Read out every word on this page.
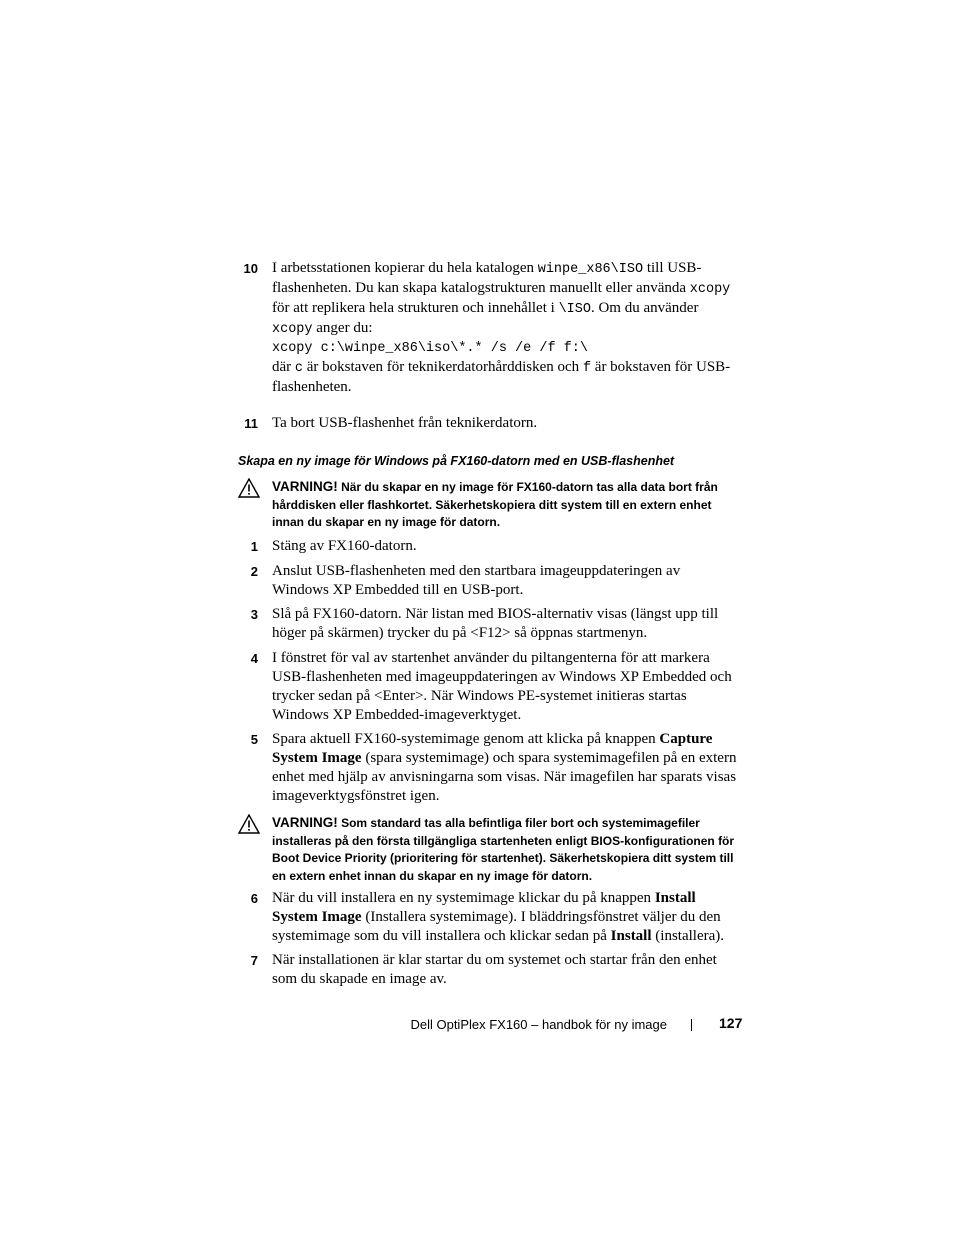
10 I arbetsstationen kopierar du hela katalogen winpe_x86\ISO till USB-flashenheten. Du kan skapa katalogstrukturen manuellt eller använda xcopy för att replikera hela strukturen och innehållet i \ISO. Om du använder xcopy anger du:

xcopy c:\winpe_x86\iso\*.* /s /e /f f:\

där c är bokstaven för teknikerdatorhårddisken och f är bokstaven för USB-flashenheten.

11 Ta bort USB-flashenhet från teknikerdatorn.
Skapa en ny image för Windows på FX160-datorn med en USB-flashenhet
VARNING! När du skapar en ny image för FX160-datorn tas alla data bort från hårddisken eller flashkortet. Säkerhetskopiera ditt system till en extern enhet innan du skapar en ny image för datorn.
1 Stäng av FX160-datorn.
2 Anslut USB-flashenheten med den startbara imageuppdateringen av Windows XP Embedded till en USB-port.
3 Slå på FX160-datorn. När listan med BIOS-alternativ visas (längst upp till höger på skärmen) trycker du på <F12> så öppnas startmenyn.
4 I fönstret för val av startenhet använder du piltangenterna för att markera USB-flashenheten med imageuppdateringen av Windows XP Embedded och trycker sedan på <Enter>. När Windows PE-systemet initieras startas Windows XP Embedded-imageverktyget.
5 Spara aktuell FX160-systemimage genom att klicka på knappen Capture System Image (spara systemimage) och spara systemimagefilen på en extern enhet med hjälp av anvisningarna som visas. När imagefilen har sparats visas imageverktygsfönstret igen.
VARNING! Som standard tas alla befintliga filer bort och systemimagefiler installeras på den första tillgängliga startenheten enligt BIOS-konfigurationen för Boot Device Priority (prioritering för startenhet). Säkerhetskopiera ditt system till en extern enhet innan du skapar en ny image för datorn.
6 När du vill installera en ny systemimage klickar du på knappen Install System Image (Installera systemimage). I bläddringsfönstret väljer du den systemimage som du vill installera och klickar sedan på Install (installera).
7 När installationen är klar startar du om systemet och startar från den enhet som du skapade en image av.
Dell OptiPlex FX160 – handbok för ny image	127
